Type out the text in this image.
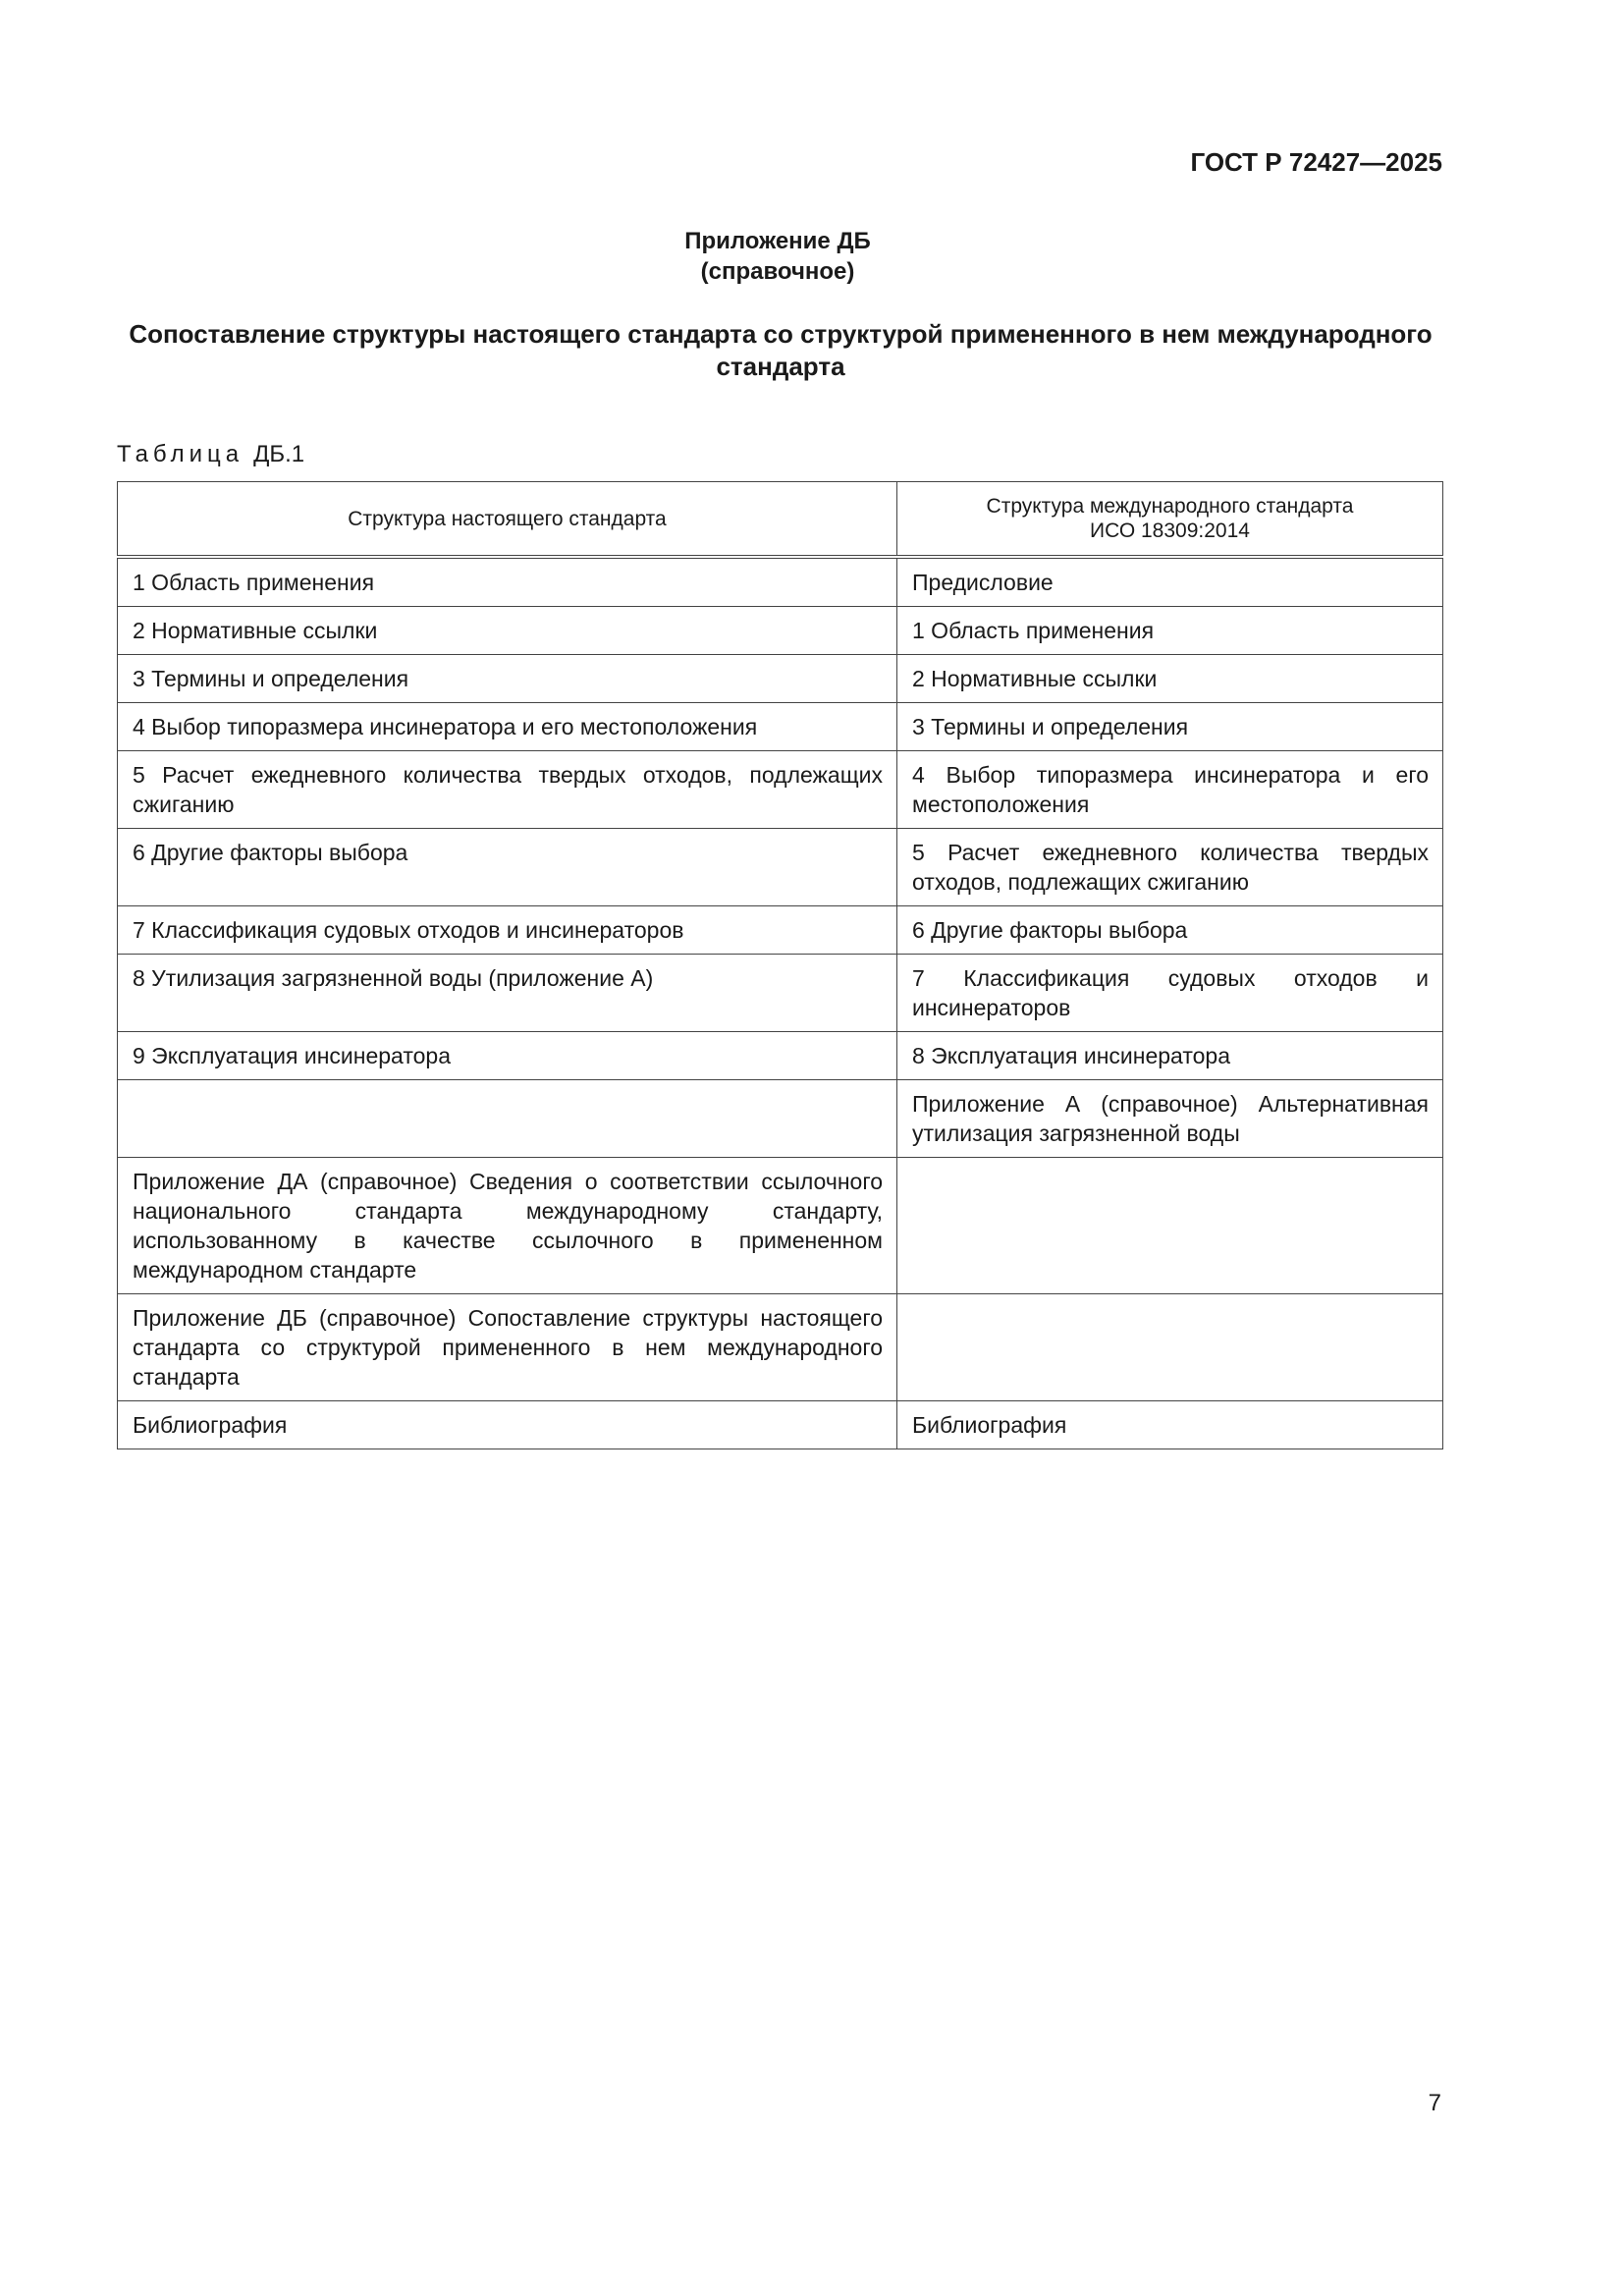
ГОСТ Р 72427—2025
Приложение ДБ
(справочное)
Сопоставление структуры настоящего стандарта со структурой примененного в нем международного стандарта
Таблица ДБ.1
Структура настоящего стандарта	Структура международного стандарта
ИСО 18309:2014

1 Область применения	Предисловие
2 Нормативные ссылки	1 Область применения
3 Термины и определения	2 Нормативные ссылки
4 Выбор типоразмера инсинератора и его местоположения	3 Термины и определения
5 Расчет ежедневного количества твердых отходов, подлежащих сжиганию	4 Выбор типоразмера инсинератора и его местоположения
6 Другие факторы выбора	5 Расчет ежедневного количества твердых отходов, подлежащих сжиганию
7 Классификация судовых отходов и инсинераторов	6 Другие факторы выбора
8 Утилизация загрязненной воды (приложение А)	7 Классификация судовых отходов и инсинераторов
9 Эксплуатация инсинератора	8 Эксплуатация инсинератора
	Приложение А (справочное) Альтернативная утилизация загрязненной воды
Приложение ДА (справочное) Сведения о соответствии ссылочного национального стандарта международному стандарту, использованному в качестве ссылочного в примененном международном стандарте	
Приложение ДБ (справочное) Сопоставление структуры настоящего стандарта со структурой примененного в нем международного стандарта	
Библиография	Библиография
7
